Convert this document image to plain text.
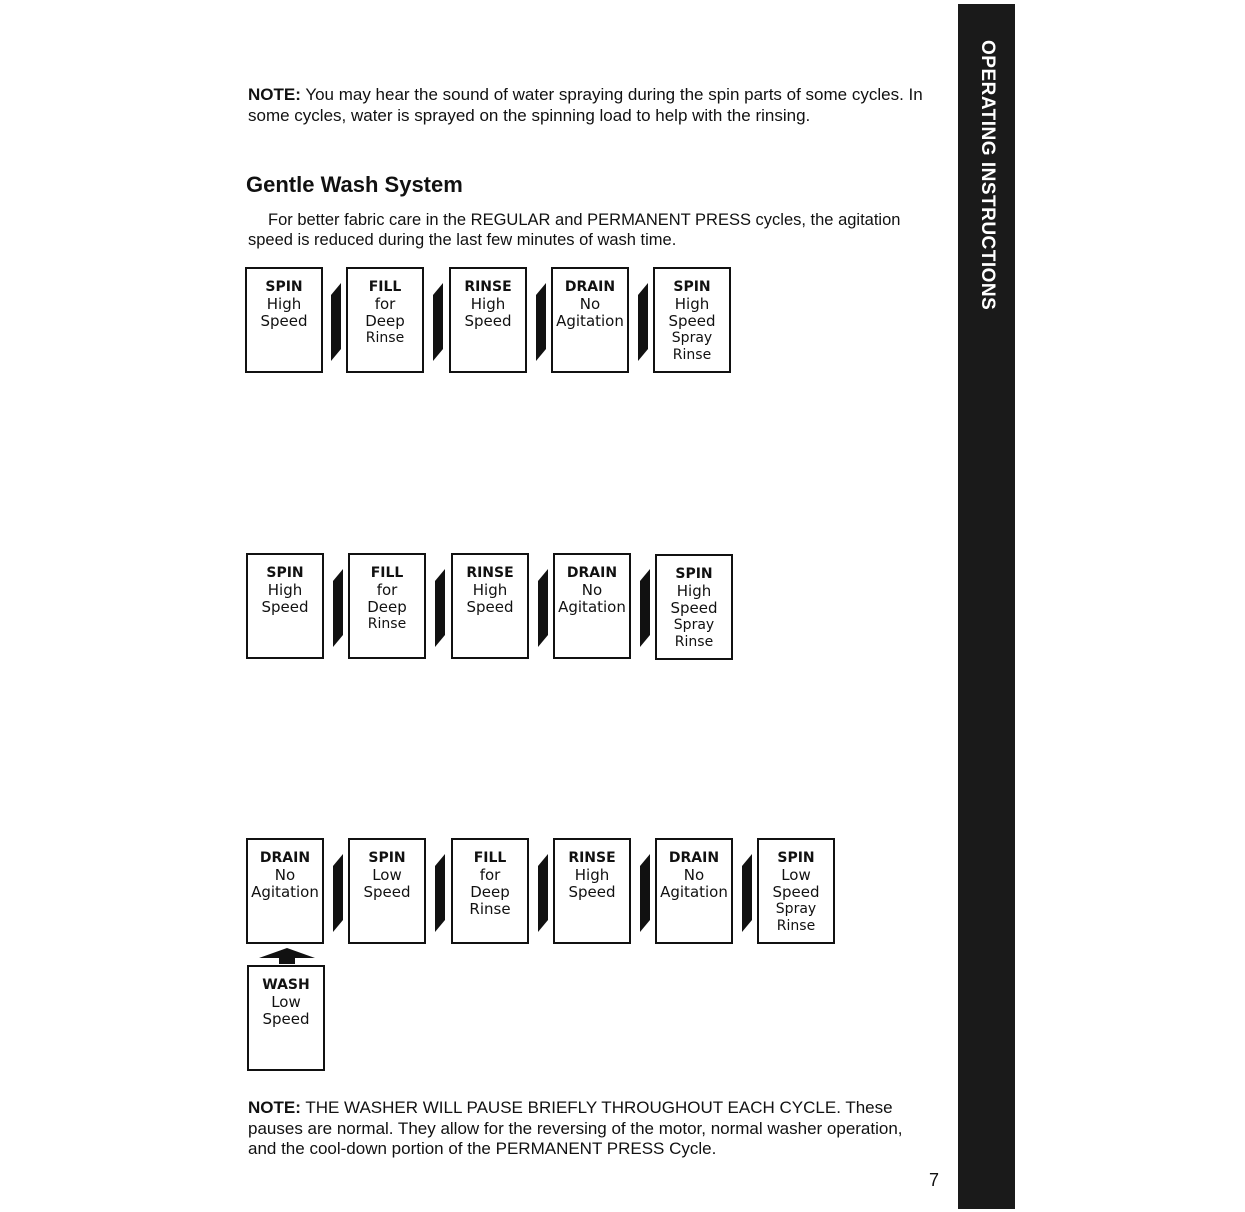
OPERATING INSTRUCTIONS

NOTE: You may hear the sound of water spraying during the spin parts of some cycles. In some cycles, water is sprayed on the spinning load to help with the rinsing.

Gentle Wash System

For better fabric care in the REGULAR and PERMANENT PRESS cycles, the agitation speed is reduced during the last few minutes of wash time.

SPIN
High
Speed
FILL
for
Deep
Rinse
RINSE
High
Speed
DRAIN
No
Agitation
SPIN
High
Speed
Spray
Rinse
SPIN
High
Speed
FILL
for
Deep
Rinse
RINSE
High
Speed
DRAIN
No
Agitation
SPIN
High
Speed
Spray
Rinse
DRAIN
No
Agitation
SPIN
Low
Speed
FILL
for
Deep
Rinse
RINSE
High
Speed
DRAIN
No
Agitation
SPIN
Low
Speed
Spray
Rinse
WASH
Low
Speed

NOTE: THE WASHER WILL PAUSE BRIEFLY THROUGHOUT EACH CYCLE. These pauses are normal. They allow for the reversing of the motor, normal washer operation, and the cool-down portion of the PERMANENT PRESS Cycle.

7
